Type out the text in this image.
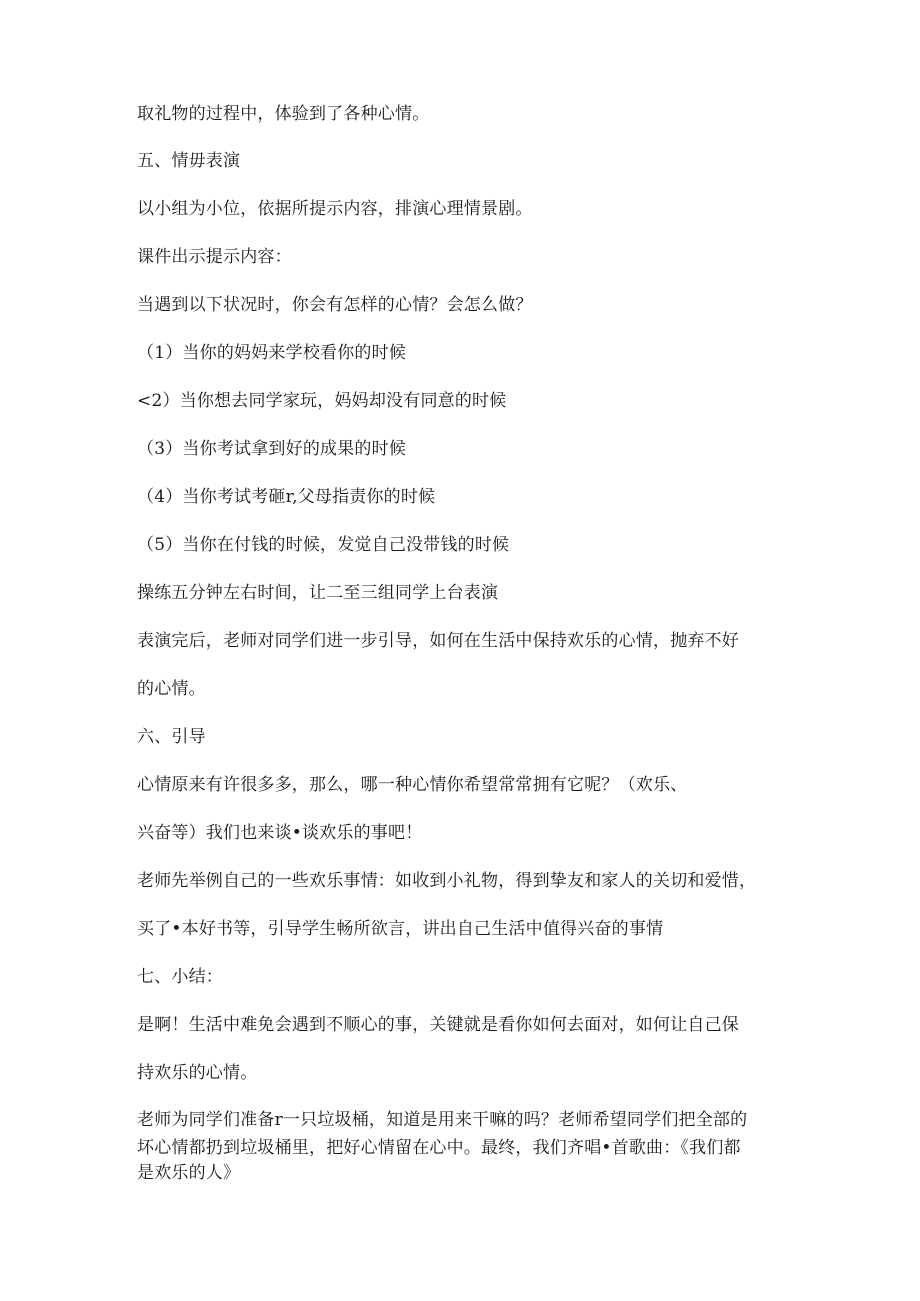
取礼物的过程中，体验到了各种心情。
五、情毋表演
以小组为小位，依据所提示内容，排演心理情景剧。
课件出示提示内容：
当遇到以下状况时，你会有怎样的心情？会怎么做？
（1）当你的妈妈来学校看你的时候
<2）当你想去同学家玩，妈妈却没有同意的时候
（3）当你考试拿到好的成果的时候
（4）当你考试考砸r,父母指责你的时候
（5）当你在付钱的时候，发觉自己没带钱的时候
操练五分钟左右时间，让二至三组同学上台表演
表演完后，老师对同学们进一步引导，如何在生活中保持欢乐的心情，抛弃不好
的心情。
六、引导
心情原来有许很多多，那么，哪一种心情你希望常常拥有它呢？（欢乐、
兴奋等）我们也来谈•谈欢乐的事吧！
老师先举例自己的一些欢乐事情：如收到小礼物，得到挚友和家人的关切和爱惜，
买了•本好书等，引导学生畅所欲言，讲出自己生活中值得兴奋的事情
七、小结：
是啊！生活中难免会遇到不顺心的事，关键就是看你如何去面对，如何让自己保
持欢乐的心情。
老师为同学们准备r一只垃圾桶，知道是用来干嘛的吗？老师希望同学们把全部的
坏心情都扔到垃圾桶里，把好心情留在心中。最终，我们齐唱•首歌曲：《我们都
是欢乐的人》
